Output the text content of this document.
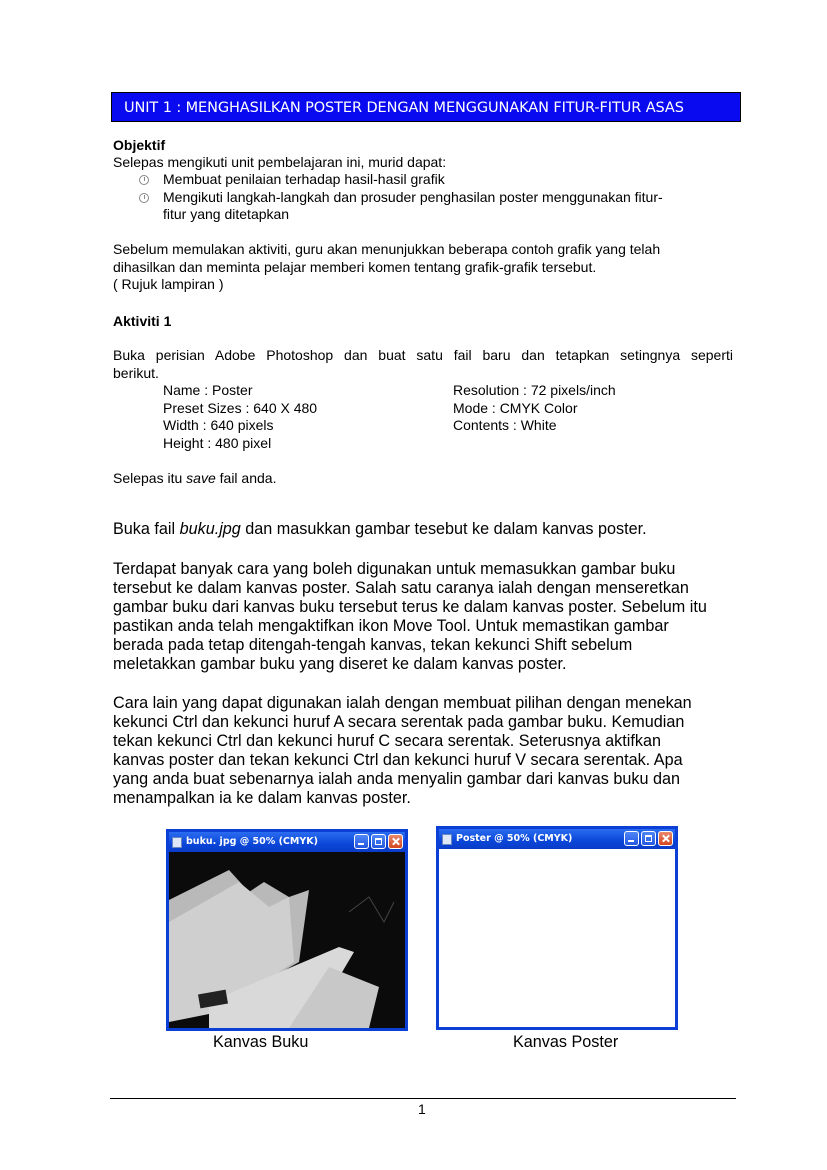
UNIT 1 : MENGHASILKAN POSTER DENGAN MENGGUNAKAN FITUR-FITUR ASAS
Objektif
Selepas mengikuti unit pembelajaran ini, murid dapat:
Membuat penilaian terhadap hasil-hasil grafik
Mengikuti langkah-langkah dan prosuder penghasilan poster menggunakan fitur-
fitur yang ditetapkan
Sebelum memulakan aktiviti, guru akan menunjukkan beberapa contoh grafik yang telah
dihasilkan dan meminta pelajar memberi komen tentang grafik-grafik tersebut.
( Rujuk lampiran )
Aktiviti 1
Buka perisian Adobe Photoshop dan buat satu fail baru dan tetapkan setingnya seperti
berikut.
Name : Poster
Preset Sizes : 640 X 480
Width : 640 pixels
Height : 480 pixel
Resolution : 72 pixels/inch
Mode : CMYK Color
Contents : White
Selepas itu save fail anda.
Buka fail buku.jpg dan masukkan gambar tesebut ke dalam kanvas poster.
Terdapat banyak cara yang boleh digunakan untuk memasukkan gambar buku
tersebut ke dalam kanvas poster. Salah satu caranya ialah dengan menseretkan
gambar buku dari kanvas buku tersebut terus ke dalam kanvas poster. Sebelum itu
pastikan anda telah mengaktifkan ikon Move Tool. Untuk memastikan gambar
berada pada tetap ditengah-tengah kanvas, tekan kekunci Shift sebelum
meletakkan gambar buku yang diseret ke dalam kanvas poster.
Cara lain yang dapat digunakan ialah dengan membuat pilihan dengan menekan
kekunci Ctrl dan kekunci huruf A secara serentak pada gambar buku. Kemudian
tekan kekunci Ctrl dan kekunci huruf C secara serentak. Seterusnya aktifkan
kanvas poster dan tekan kekunci Ctrl dan kekunci huruf V secara serentak. Apa
yang anda buat sebenarnya ialah anda menyalin gambar dari kanvas buku dan
menampalkan ia ke dalam kanvas poster.
buku. jpg @ 50% (CMYK)	Poster @ 50% (CMYK)
Kanvas Buku	Kanvas Poster
1
